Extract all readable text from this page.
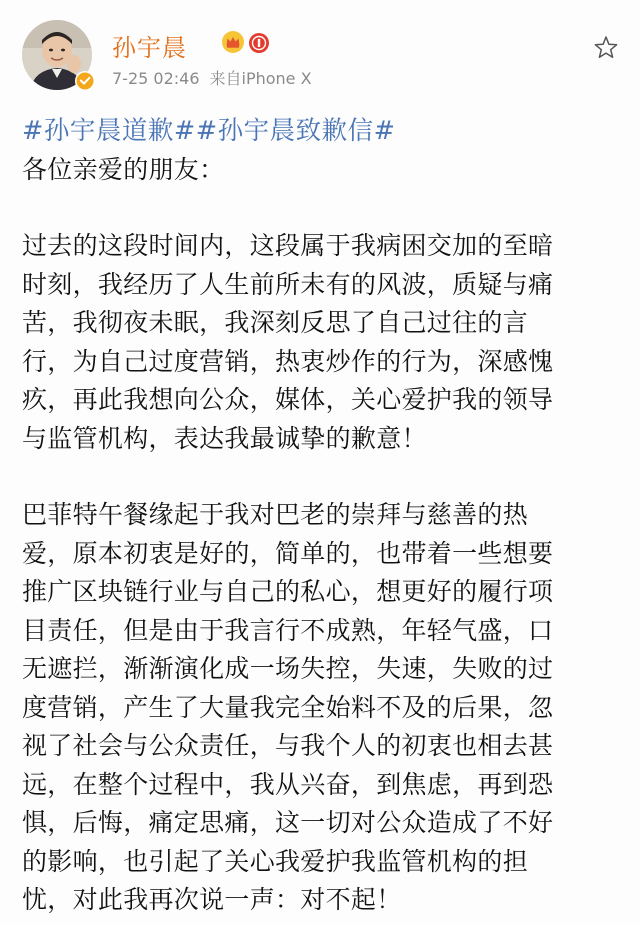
孙宇晨
7-25 02:46 来自iPhone X
#孙宇晨道歉##孙宇晨致歉信#
各位亲爱的朋友：
过去的这段时间内，这段属于我病困交加的至暗
时刻，我经历了人生前所未有的风波，质疑与痛
苦，我彻夜未眠，我深刻反思了自己过往的言
行，为自己过度营销，热衷炒作的行为，深感愧
疚，再此我想向公众，媒体，关心爱护我的领导
与监管机构，表达我最诚挚的歉意！
巴菲特午餐缘起于我对巴老的崇拜与慈善的热
爱，原本初衷是好的，简单的，也带着一些想要
推广区块链行业与自己的私心，想更好的履行项
目责任，但是由于我言行不成熟，年轻气盛，口
无遮拦，渐渐演化成一场失控，失速，失败的过
度营销，产生了大量我完全始料不及的后果，忽
视了社会与公众责任，与我个人的初衷也相去甚
远，在整个过程中，我从兴奋，到焦虑，再到恐
惧，后悔，痛定思痛，这一切对公众造成了不好
的影响，也引起了关心我爱护我监管机构的担
忧，对此我再次说一声：对不起！
